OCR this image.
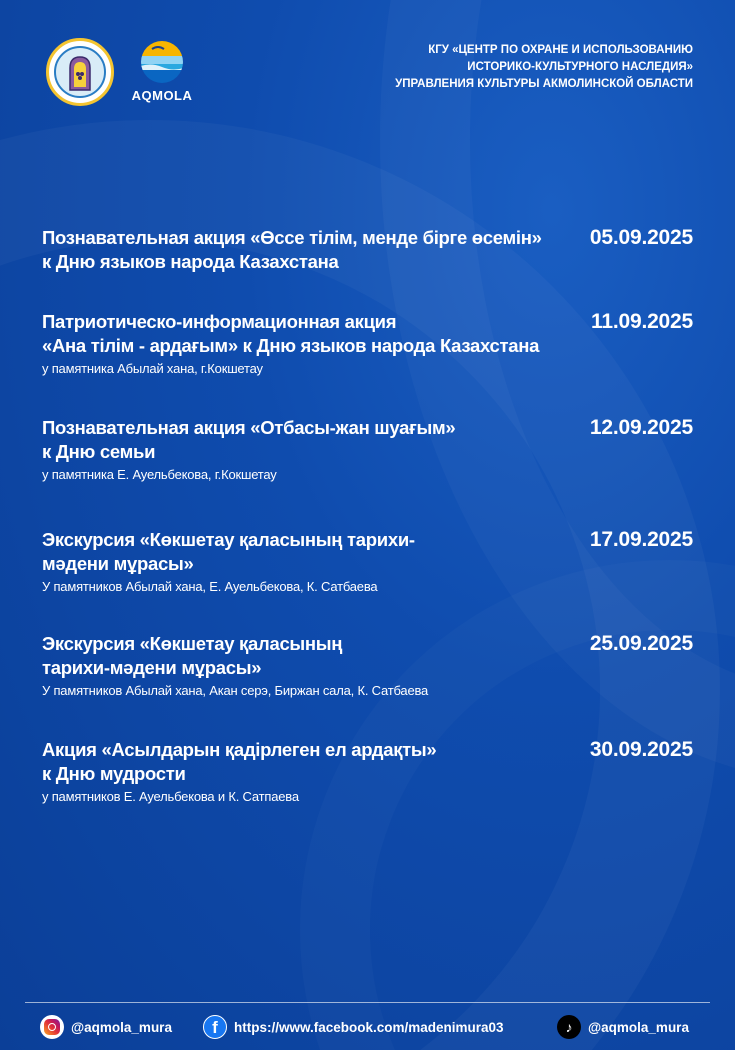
AQMOLA
КГУ «ЦЕНТР ПО ОХРАНЕ И ИСПОЛЬЗОВАНИЮ
ИСТОРИКО-КУЛЬТУРНОГО НАСЛЕДИЯ»
УПРАВЛЕНИЯ КУЛЬТУРЫ АКМОЛИНСКОЙ ОБЛАСТИ
Познавательная акция «Өссе тілім, менде бірге өсемін»
к Дню языков народа Казахстана
05.09.2025
Патриотическо-информационная акция
«Ана тілім - ардағым» к Дню языков народа Казахстана
у памятника Абылай хана, г.Кокшетау
11.09.2025
Познавательная акция «Отбасы-жан шуағым»
к Дню семьи
у памятника Е. Ауельбекова, г.Кокшетау
12.09.2025
Экскурсия «Көкшетау қаласының тарихи-
мәдени мұрасы»
У памятников Абылай хана, Е. Ауельбекова, К. Сатбаева
17.09.2025
Экскурсия «Көкшетау қаласының
тарихи-мәдени мұрасы»
У памятников Абылай хана, Акан серэ, Биржан сала, К. Сатбаева
25.09.2025
Акция «Асылдарын қадірлеген ел ардақты»
к Дню мудрости
у памятников Е. Ауельбекова и К. Сатпаева
30.09.2025
@aqmola_mura	f	https://www.facebook.com/madenimura03	♪	@aqmola_mura
